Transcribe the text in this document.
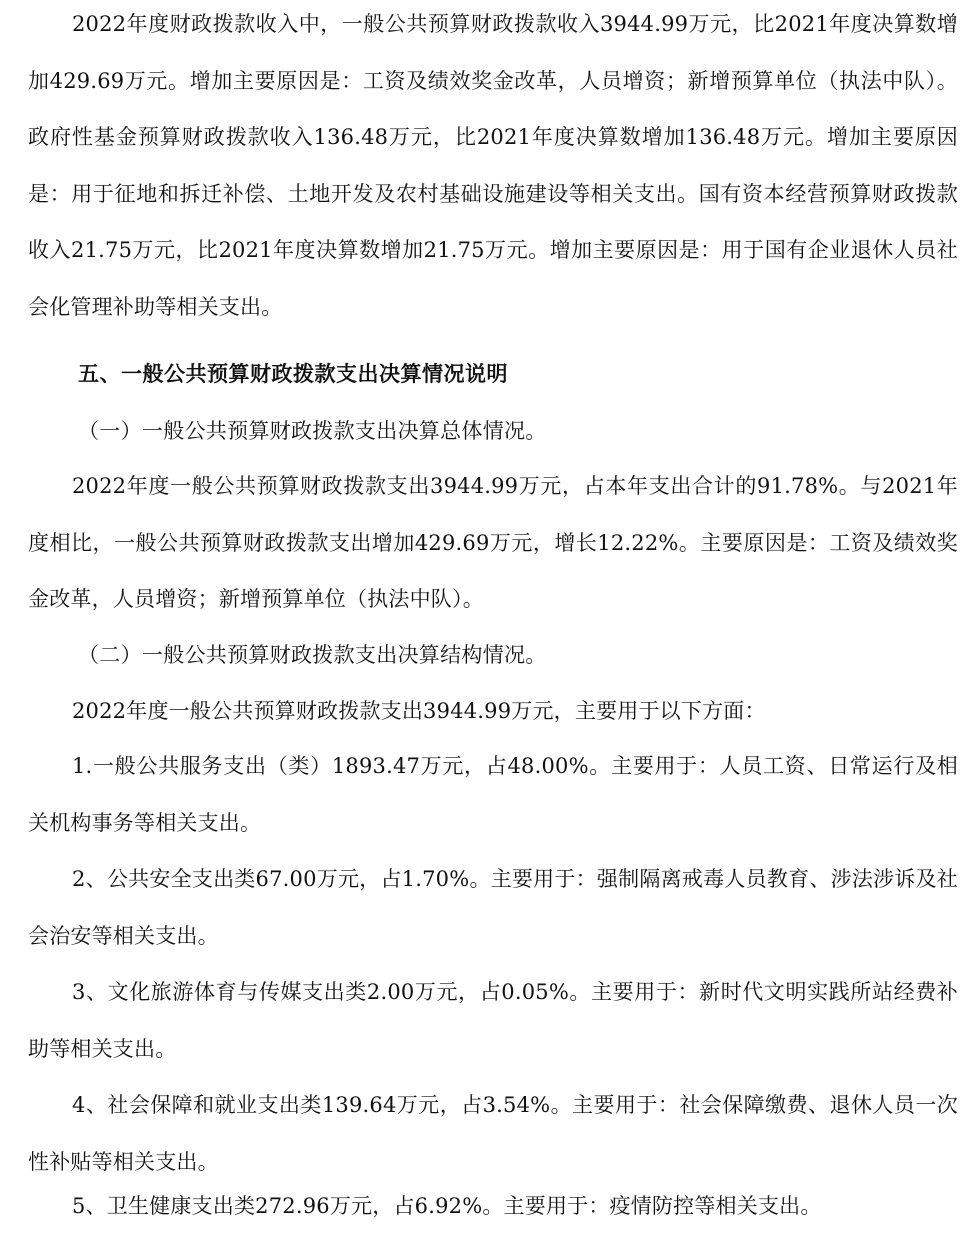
2022年度财政拨款收入中，一般公共预算财政拨款收入3944.99万元，比2021年度决算数增加429.69万元。增加主要原因是：工资及绩效奖金改革，人员增资；新增预算单位（执法中队）。政府性基金预算财政拨款收入136.48万元，比2021年度决算数增加136.48万元。增加主要原因是：用于征地和拆迁补偿、土地开发及农村基础设施建设等相关支出。国有资本经营预算财政拨款收入21.75万元，比2021年度决算数增加21.75万元。增加主要原因是：用于国有企业退休人员社会化管理补助等相关支出。

五、一般公共预算财政拨款支出决算情况说明

（一）一般公共预算财政拨款支出决算总体情况。

2022年度一般公共预算财政拨款支出3944.99万元，占本年支出合计的91.78%。与2021年度相比，一般公共预算财政拨款支出增加429.69万元，增长12.22%。主要原因是：工资及绩效奖金改革，人员增资；新增预算单位（执法中队）。

（二）一般公共预算财政拨款支出决算结构情况。

2022年度一般公共预算财政拨款支出3944.99万元，主要用于以下方面：

1.一般公共服务支出（类）1893.47万元，占48.00%。主要用于：人员工资、日常运行及相关机构事务等相关支出。

2、公共安全支出类67.00万元，占1.70%。主要用于：强制隔离戒毒人员教育、涉法涉诉及社会治安等相关支出。

3、文化旅游体育与传媒支出类2.00万元，占0.05%。主要用于：新时代文明实践所站经费补助等相关支出。

4、社会保障和就业支出类139.64万元，占3.54%。主要用于：社会保障缴费、退休人员一次性补贴等相关支出。

5、卫生健康支出类272.96万元，占6.92%。主要用于：疫情防控等相关支出。
